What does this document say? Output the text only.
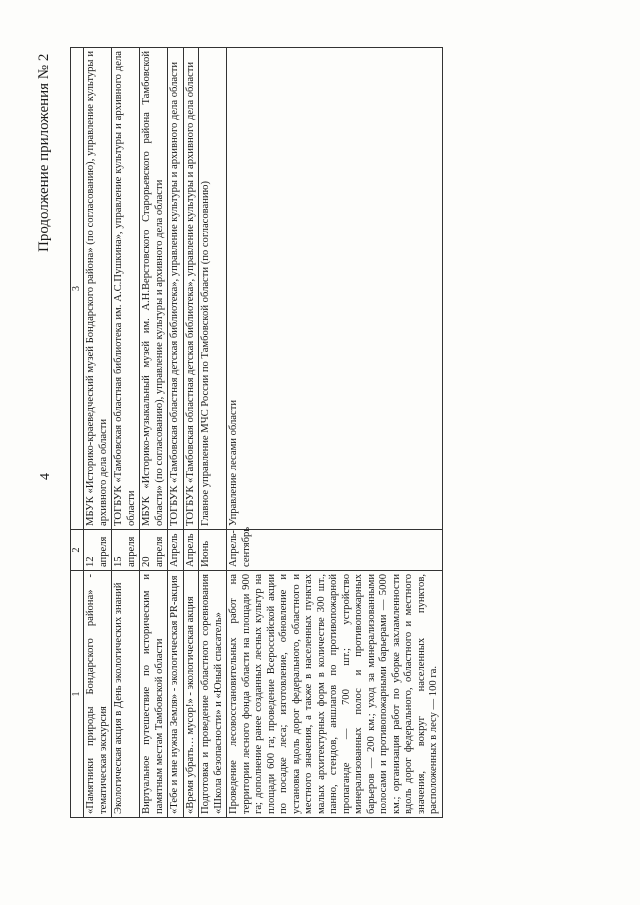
4
Продолжение приложения № 2
1	2	3
«Памятники природы Бондарского района» - тематическая экскурсия	12 апреля	МБУК «Историко-краеведческий музей Бондарского района» (по согласованию), управление культуры и архивного дела области
Экологическая акция в День экологических знаний	15 апреля	ТОГБУК «Тамбовская областная библиотека им. А.С.Пушкина», управление культуры и архивного дела области
Виртуальное путешествие по историческим и памятным местам Тамбовской области	20 апреля	МБУК «Историко-музыкальный музей им. А.Н.Верстовского Старорьевского района Тамбовской области» (по согласованию), управление культуры и архивного дела области
«Тебе и мне нужна Земля» - экологическая PR-акция	Апрель	ТОГБУК «Тамбовская областная детская библиотека», управление культуры и архивного дела области
«Время убрать… мусор!» - экологическая акция	Апрель	ТОГБУК «Тамбовская областная детская библиотека», управление культуры и архивного дела области
Подготовка и проведение областного соревнования «Школа безопасности» и «Юный спасатель»	Июнь	Главное управление МЧС России по Тамбовской области (по согласованию)
Проведение лесовосстановительных работ на территории лесного фонда области на площади 900 га; дополнение ранее созданных лесных культур на площади 600 га; проведение Всероссийской акции по посадке леса; изготовление, обновление и установка вдоль дорог федерального, областного и местного значения, а также в населенных пунктах малых архитектурных форм в количестве 300 шт., панно, стендов, аншлагов по противопожарной пропаганде — 700 шт.; устройство минерализованных полос и противопожарных барьеров — 200 км.; уход за минерализованными полосами и противопожарными барьерами — 5000 км.; организация работ по уборке захламленности вдоль дорог федерального, областного и местного значения, вокруг населенных пунктов, расположенных в лесу — 100 га.	Апрель-сентябрь	Управление лесами области
